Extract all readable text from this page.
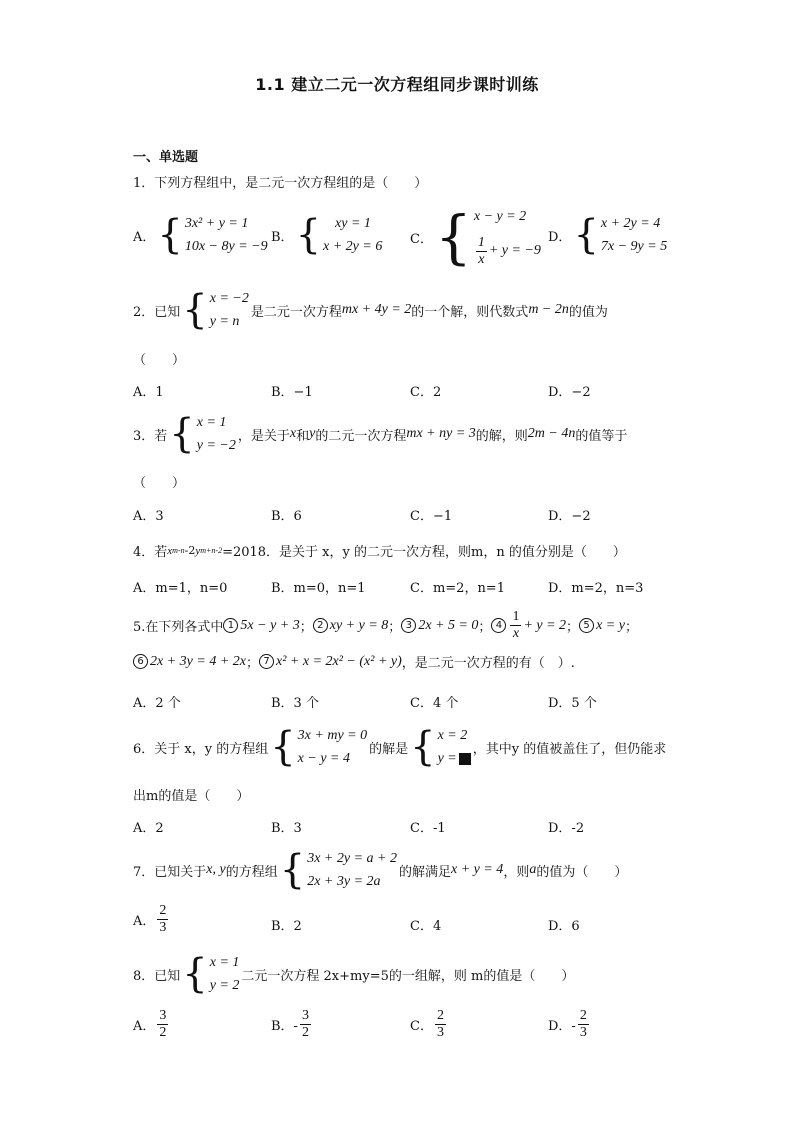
1.1 建立二元一次方程组同步课时训练
一、单选题
1．下列方程组中，是二元一次方程组的是（　　）
A． { 3x² + y = 1
10x − 8y = −9
B． {	xy = 1
x + 2y = 6 C． { x − y = 2
$\frac{1}{x} + y = -9$
D． { x + 2y = 4
7x − 9y = 5
2．已知 { x = −2
y = n
是二元一次方程 mx + 4y = 2 的一个解，则代数式 m − 2n 的值为
（　　）
A．1	B．−1	C．2	D．−2
3．若 { x = 1
y = −2
，是关于 x 和 y 的二元一次方程 mx + ny = 3 的解，则 2m − 4n 的值等于
（　　）
A．3	B．6	C．−1	D．−2
4．若 x m-n -2 y m+n-2 =2018．是关于 x，y 的二元一次方程，则m，n 的值分别是（　　）
A．m=1，n=0	B．m=0，n=1	C．m=2，n=1	D．m=2，n=3
5.在下列各式中 1 5x − y + 3 ； 2 xy + y = 8 ； 3 2x + 5 = 0 ； $4 \frac{1}{x} + y = 2$ ； 5 x = y ；
6 2x + 3y = 4 + 2x ； 7 x² + x = 2x² − (x² + y) ，是二元一次方程的有（　）.
A．2 个	B．3 个	C．4 个	D．5 个
6．关于 x，y 的方程组 { 3x + my = 0
x − y = 4
的解是 { x = 2
y =
，其中y 的值被盖住了，但仍能求
出m的值是（　　）
A．2	B．3	C．-1	D．-2
7．已知关于 x, y 的方程组 { 3x + 2y = a + 2
2x + 3y = 2a
的解满足 x + y = 4 ，则 a 的值为（　　）
A． $\frac{2}{3}$	B．2	C．4	D．6
8．已知 { x = 1
y = 2
二元一次方程 2x+my=5的一组解，则 m的值是（　　）
A． $\frac{3}{2}$	B．- $\frac{3}{2}$	C． $\frac{2}{3}$	D．- $\frac{2}{3}$
